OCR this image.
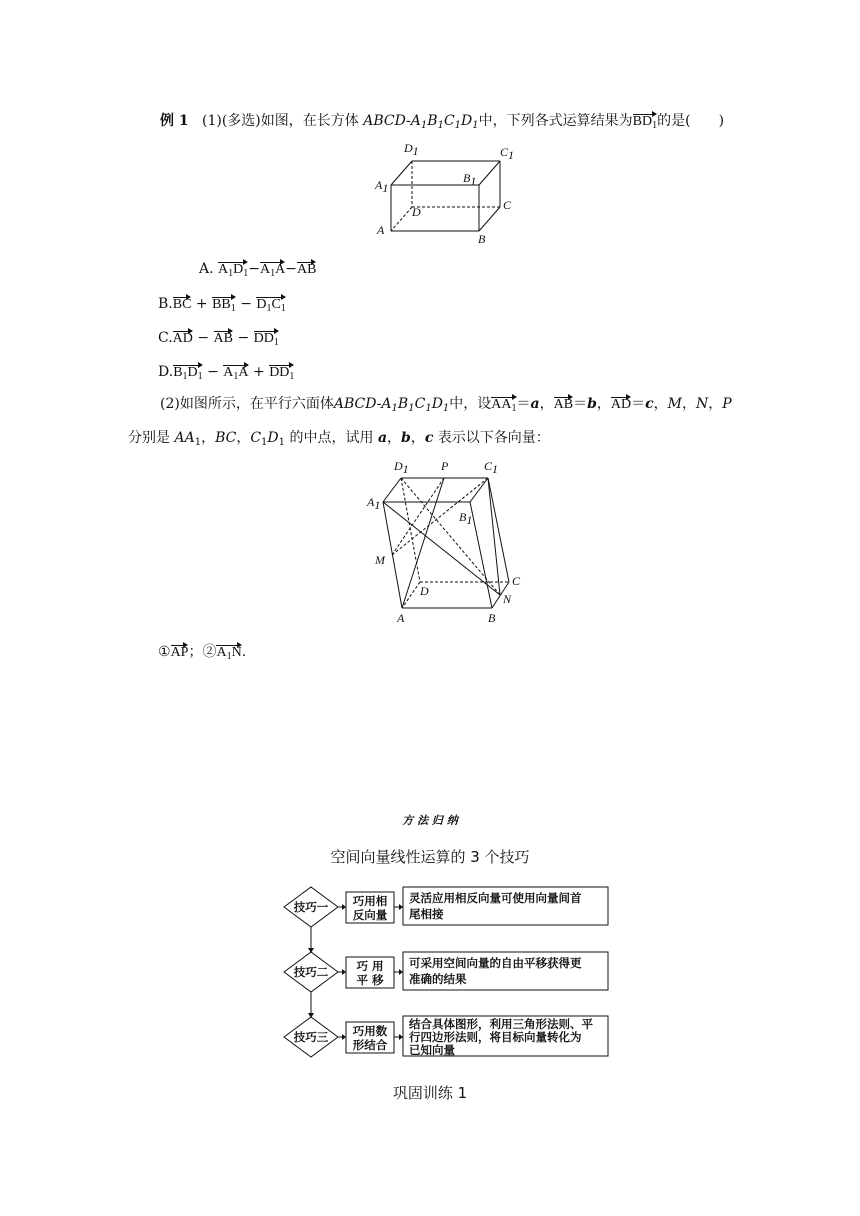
例 1 (1)(多选)如图，在长方体 ABCD-$A_1B_1C_1D_1$中，下列各式运算结果为$BD_1$的是(　　)
D1	C1
A1
B1
D	C
A
B
A. $A_1D_1-A_1A-AB$
$B.BC + BB_1 - D_1C_1$
C.AD − AB − $DD_1$
$D.B_1D_1 - A_1A + DD_1$
(2)如图所示，在平行六面体ABCD-$A_1B_1C_1D_1$中，设$AA_1=a$，AB＝b，AD＝c，M，N，P
分别是 $AA_1$，BC，$C_1D_1$ 的中点，试用 a，b，c 表示以下各向量：
D1	P	C1
A1
B1
M
D
C
N
A	B
①AP；$②A_1N$.
方 法 归 纳
空间向量线性运算的 3 个技巧
技巧一 巧用相
反向量
灵活应用相反向量可使用向量间首
尾相接
技巧二 巧 用
平 移
可采用空间向量的自由平移获得更
准确的结果
技巧三 巧用数
形结合
结合具体图形，利用三角形法则、平
行四边形法则，将目标向量转化为
已知向量
巩固训练 1
